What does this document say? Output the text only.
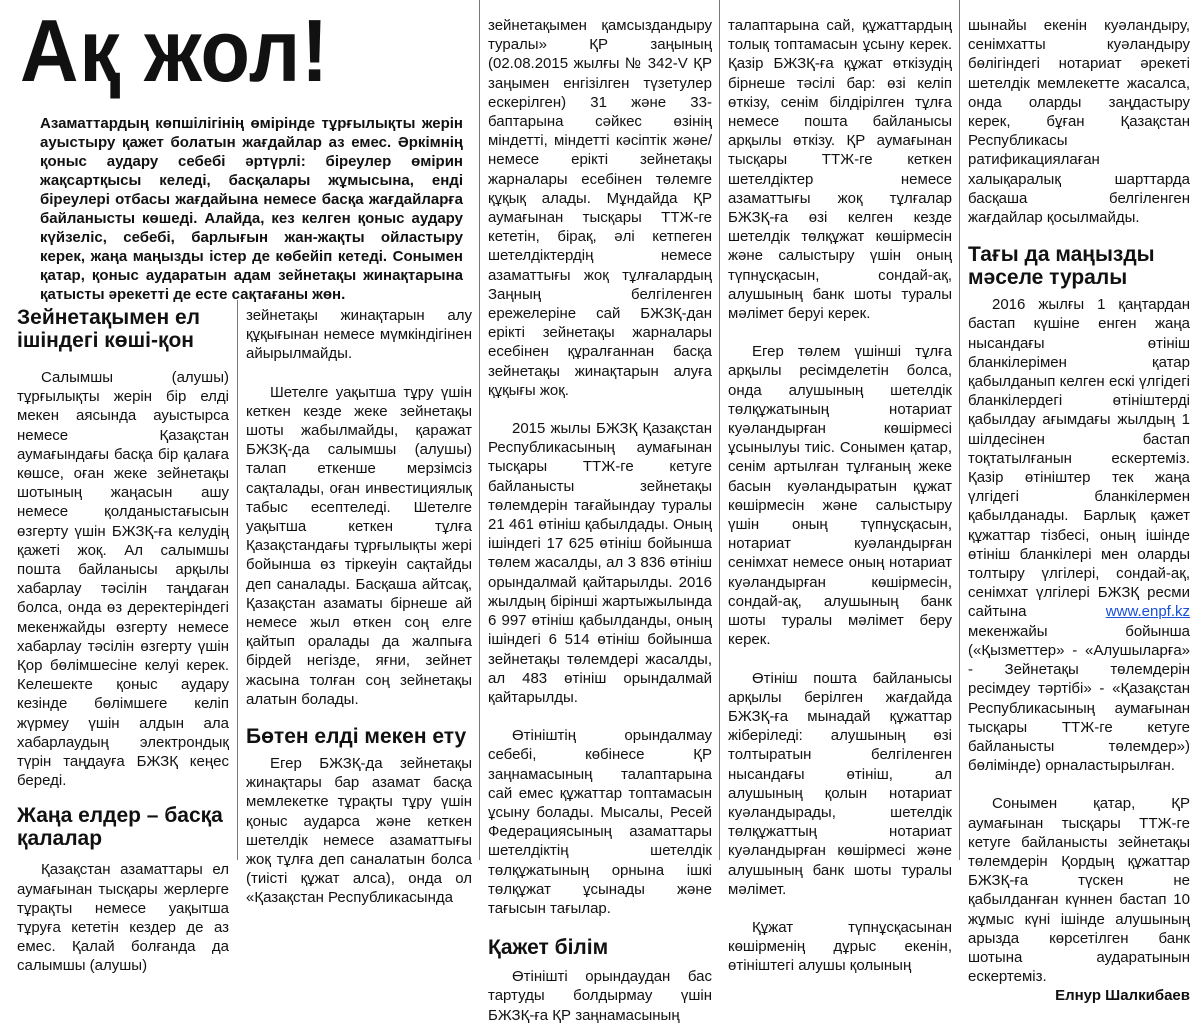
Ақ жол!
Азаматтардың көпшілігінің өмірінде тұрғылықты жерін ауыстыру қажет болатын жағдайлар аз емес. Әркімнің қоныс аудару себебі әртүрлі: біреулер өмірин жақсартқысы келеді, басқалары жұмысына, енді біреулері отбасы жағдайына немесе басқа жағдайларға байланысты көшеді. Алайда, кез келген қоныс аудару күйзеліс, себебі, барлығын жан-жақты ойластыру керек, жаңа маңызды істер де көбейіп кетеді. Сонымен қатар, қоныс аударатын адам зейнетақы жинақтарына қатысты әрекетті де есте сақтағаны жөн.
Зейнетақымен ел ішіндегі көші-қон

Салымшы (алушы) тұрғылықты жерін бір елді мекен аясында ауыстырса немесе Қазақстан аумағындағы басқа бір қалаға көшсе, оған жеке зейнетақы шотының жаңасын ашу немесе қолданыстағысын өзгерту үшін БЖЗҚ-ға келудің қажеті жоқ. Ал салымшы пошта байланысы арқылы хабарлау тәсілін таңдаған болса, онда өз деректеріндегі мекенжайды өзгерту немесе хабарлау тәсілін өзгерту үшін Қор бөлімшесіне келуі керек. Келешекте қоныс аудару кезінде бөлімшеге келіп жүрмеу үшін алдын ала хабарлаудың электрондық түрін таңдауға БЖЗҚ кеңес береді.

Жаңа елдер – басқа қалалар

Қазақстан азаматтары ел аумағынан тысқары жерлерге тұрақты немесе уақытша тұруға кететін кездер де аз емес. Қалай болғанда да салымшы (алушы)

зейнетақы жинақтарын алу құқығынан немесе мүмкіндігінен айырылмайды.

Шетелге уақытша тұру үшін кеткен кезде жеке зейнетақы шоты жабылмайды, қаражат БЖЗҚ-да салымшы (алушы) талап еткенше мерзімсіз сақталады, оған инвестициялық табыс есептеледі. Шетелге уақытша кеткен тұлға Қазақстандағы тұрғылықты жері бойынша өз тіркеуін сақтайды деп саналады. Басқаша айтсақ, Қазақстан азаматы бірнеше ай немесе жыл өткен соң елге қайтып оралады да жалпыға бірдей негізде, яғни, зейнет жасына толған соң зейнетақы алатын болады.

Бөтен елді мекен ету

Егер БЖЗҚ-да зейнетақы жинақтары бар азамат басқа мемлекетке тұрақты тұру үшін қоныс аударса және кеткен шетелдік немесе азаматтығы жоқ тұлға деп саналатын болса (тиісті құжат алса), онда ол «Қазақстан Республикасында

зейнетақымен қамсыздандыру туралы» ҚР заңының (02.08.2015 жылғы № 342-V ҚР заңымен енгізілген түзетулер ескерілген) 31 және 33-баптарына сәйкес өзінің міндетті, міндетті кәсіптік және/немесе ерікті зейнетақы жарналары есебінен төлемге құқық алады. Мұндайда ҚР аумағынан тысқары ТТЖ-ге кететін, бірақ, әлі кетпеген шетелдіктердің немесе азаматтығы жоқ тұлғалардың Заңның белгіленген ережелеріне сай БЖЗҚ-дан ерікті зейнетақы жарналары есебінен құралғаннан басқа зейнетақы жинақтарын алуға құқығы жоқ.

2015 жылы БЖЗҚ Қазақстан Республикасының аумағынан тысқары ТТЖ-ге кетуге байланысты зейнетақы төлемдерін тағайындау туралы 21 461 өтініш қабылдады. Оның ішіндегі 17 625 өтініш бойынша төлем жасалды, ал 3 836 өтініш орындалмай қайтарылды. 2016 жылдың бірінші жартыжылында 6 997 өтініш қабылданды, оның ішіндегі 6 514 өтініш бойынша зейнетақы төлемдері жасалды, ал 483 өтініш орындалмай қайтарылды.

Өтініштің орындалмау себебі, көбінесе ҚР заңнамасының талаптарына сай емес құжаттар топтамасын ұсыну болады. Мысалы, Ресей Федерациясының азаматтары шетелдіктің шетелдік төлқұжатының орнына ішкі төлқұжат ұсынады және тағысын тағылар.

Қажет білім

Өтінішті орындаудан бас тартуды болдырмау үшін БЖЗҚ-ға ҚР заңнамасының

талаптарына сай, құжаттардың толық топтамасын ұсыну керек. Қазір БЖЗҚ-ға құжат өткізудің бірнеше тәсілі бар: өзі келіп өткізу, сенім білдірілген тұлға немесе пошта байланысы арқылы өткізу. ҚР аумағынан тысқары ТТЖ-ге кеткен шетелдіктер немесе азаматтығы жоқ тұлғалар БЖЗҚ-ға өзі келген кезде шетелдік төлқұжат көшірмесін және салыстыру үшін оның түпнұсқасын, сондай-ақ, алушының банк шоты туралы мәлімет беруі керек.

Егер төлем үшінші тұлға арқылы ресімделетін болса, онда алушының шетелдік төлқұжатының нотариат куәландырған көшірмесі ұсынылуы тиіс. Сонымен қатар, сенім артылған тұлғаның жеке басын куәландыратын құжат көшірмесін және салыстыру үшін оның түпнұсқасын, нотариат куәландырған сенімхат немесе оның нотариат куәландырған көшірмесін, сондай-ақ, алушының банк шоты туралы мәлімет беру керек.

Өтініш пошта байланысы арқылы берілген жағдайда БЖЗҚ-ға мынадай құжаттар жіберіледі: алушының өзі толтыратын белгіленген нысандағы өтініш, ал алушының қолын нотариат куәландырады, шетелдік төлқұжаттың нотариат куәландырған көшірмесі және алушының банк шоты туралы мәлімет.

Құжат түпнұсқасынан көшірменің дұрыс екенін, өтініштегі алушы қолының

шынайы екенін куәландыру, сенімхатты куәландыру бөлігіндегі нотариат әрекеті шетелдік мемлекетте жасалса, онда оларды заңдастыру керек, бұған Қазақстан Республикасы ратификациялаған халықаралық шарттарда басқаша белгіленген жағдайлар қосылмайды.

Тағы да маңызды мәселе туралы

2016 жылғы 1 қаңтардан бастап күшіне енген жаңа нысандағы өтініш бланкілерімен қатар қабылданып келген ескі үлгідегі бланкілердегі өтініштерді қабылдау ағымдағы жылдың 1 шілдесінен бастап тоқтатылғанын ескертеміз. Қазір өтініштер тек жаңа үлгідегі бланкілермен қабылданады. Барлық қажет құжаттар тізбесі, оның ішінде өтініш бланкілері мен оларды толтыру үлгілері, сондай-ақ, сенімхат үлгілері БЖЗҚ ресми сайтына www.enpf.kz мекенжайы бойынша («Қызметтер» - «Алушыларға» - Зейнетақы төлемдерін ресімдеу тәртібі» - «Қазақстан Республикасының аумағынан тысқары ТТЖ-ге кетуге байланысты төлемдер») бөлімінде) орналастырылған.

Сонымен қатар, ҚР аумағынан тысқары ТТЖ-ге кетуге байланысты зейнетақы төлемдерін Қордың құжаттар БЖЗҚ-ға түскен не қабылданған күннен бастап 10 жұмыс күні ішінде алушының арызда көрсетілген банк шотына аударатынын ескертеміз.

Елнур Шалкибаев
